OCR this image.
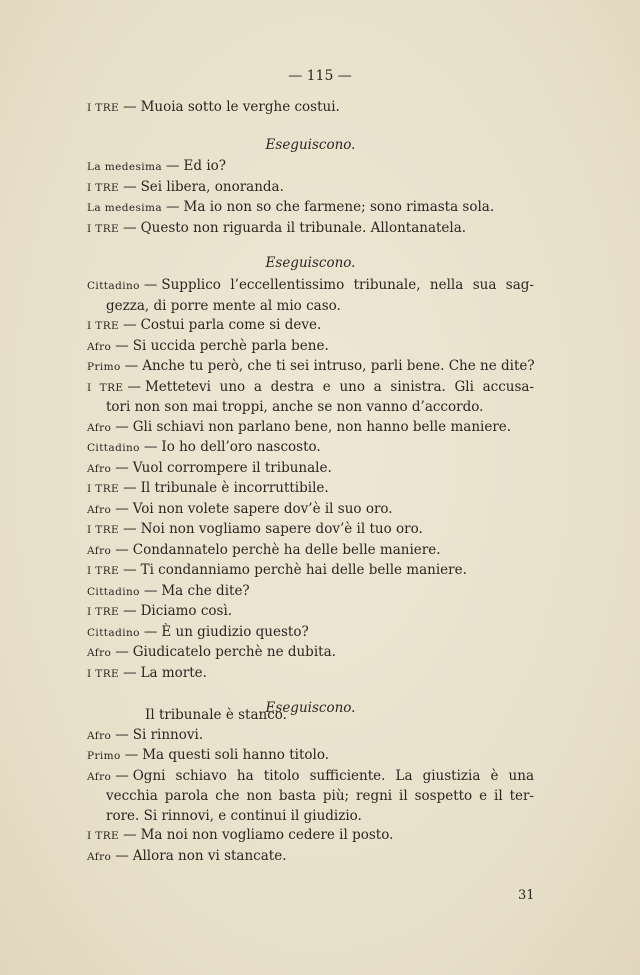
— 115 —
I TRE — Muoia sotto le verghe costui.
Eseguiscono.
La medesima — Ed io?
I TRE — Sei libera, onoranda.
La medesima — Ma io non so che farmene; sono rimasta sola.
I TRE — Questo non riguarda il tribunale. Allontanatela.
Eseguiscono.
Cittadino — Supplico l’eccellentissimo tribunale, nella sua sag-
gezza, di porre mente al mio caso.
I TRE — Costui parla come si deve.
Afro — Si uccida perchè parla bene.
Primo — Anche tu però, che ti sei intruso, parli bene. Che ne dite?
I TRE — Mettetevi uno a destra e uno a sinistra. Gli accusa-
tori non son mai troppi, anche se non vanno d’accordo.
Afro — Gli schiavi non parlano bene, non hanno belle maniere.
Cittadino — Io ho dell’oro nascosto.
Afro — Vuol corrompere il tribunale.
I TRE — Il tribunale è incorruttibile.
Afro — Voi non volete sapere dov’è il suo oro.
I TRE — Noi non vogliamo sapere dov’è il tuo oro.
Afro — Condannatelo perchè ha delle belle maniere.
I TRE — Ti condanniamo perchè hai delle belle maniere.
Cittadino — Ma che dite?
I TRE — Diciamo così.
Cittadino — È un giudizio questo?
Afro — Giudicatelo perchè ne dubita.
I TRE — La morte.
Eseguiscono.
Il tribunale è stanco.
Afro — Si rinnovi.
Primo — Ma questi soli hanno titolo.
Afro — Ogni schiavo ha titolo sufficiente. La giustizia è una
vecchia parola che non basta più; regni il sospetto e il ter-
rore. Si rinnovi, e continui il giudizio.
I TRE — Ma noi non vogliamo cedere il posto.
Afro — Allora non vi stancate.
31
